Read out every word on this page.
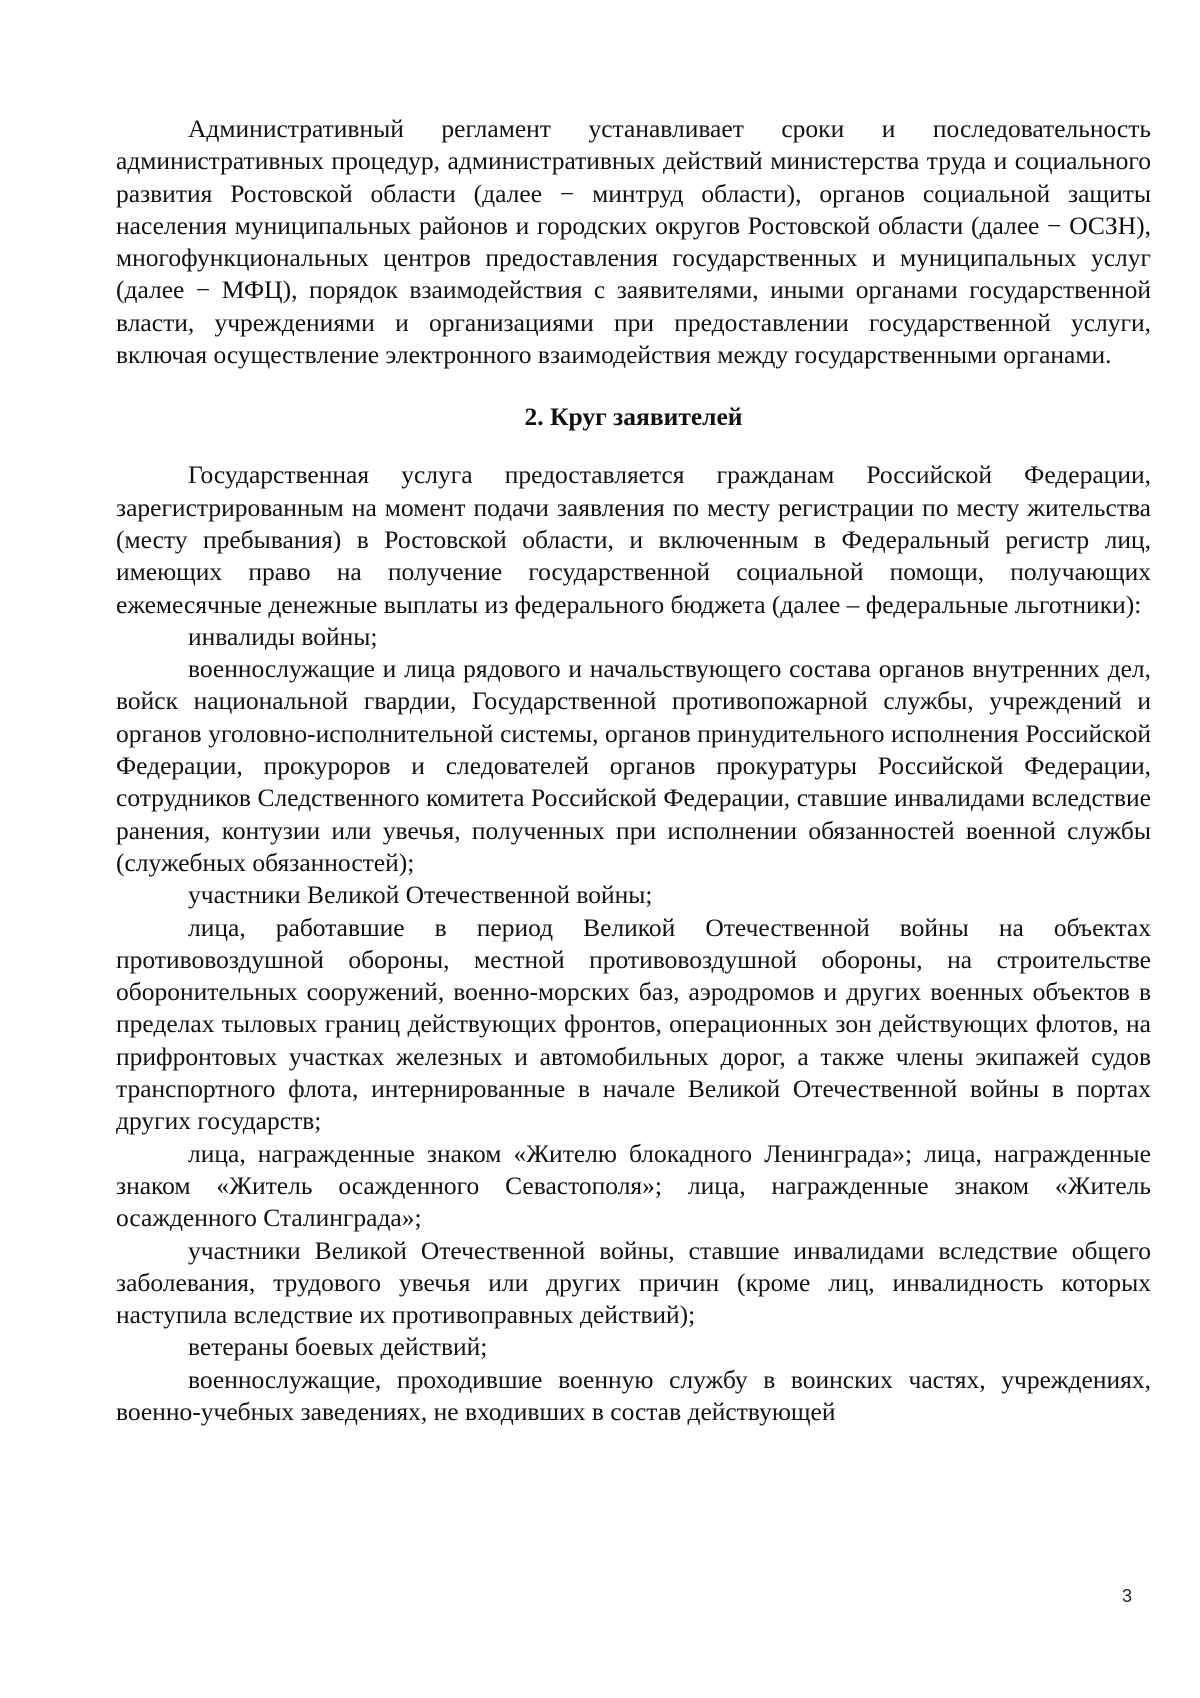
Административный регламент устанавливает сроки и последовательность административных процедур, административных действий министерства труда и социального развития Ростовской области (далее − минтруд области), органов социальной защиты населения муниципальных районов и городских округов Ростовской области (далее − ОСЗН), многофункциональных центров предоставления государственных и муниципальных услуг (далее − МФЦ), порядок взаимодействия с заявителями, иными органами государственной власти, учреждениями и организациями при предоставлении государственной услуги, включая осуществление электронного взаимодействия между государственными органами.

2. Круг заявителей

Государственная услуга предоставляется гражданам Российской Федерации, зарегистрированным на момент подачи заявления по месту регистрации по месту жительства (месту пребывания) в Ростовской области, и включенным в Федеральный регистр лиц, имеющих право на получение государственной социальной помощи, получающих ежемесячные денежные выплаты из федерального бюджета (далее – федеральные льготники):

инвалиды войны;

военнослужащие и лица рядового и начальствующего состава органов внутренних дел, войск национальной гвардии, Государственной противопожарной службы, учреждений и органов уголовно-исполнительной системы, органов принудительного исполнения Российской Федерации, прокуроров и следователей органов прокуратуры Российской Федерации, сотрудников Следственного комитета Российской Федерации, ставшие инвалидами вследствие ранения, контузии или увечья, полученных при исполнении обязанностей военной службы (служебных обязанностей);

участники Великой Отечественной войны;

лица, работавшие в период Великой Отечественной войны на объектах противовоздушной обороны, местной противовоздушной обороны, на строительстве оборонительных сооружений, военно-морских баз, аэродромов и других военных объектов в пределах тыловых границ действующих фронтов, операционных зон действующих флотов, на прифронтовых участках железных и автомобильных дорог, а также члены экипажей судов транспортного флота, интернированные в начале Великой Отечественной войны в портах других государств;

лица, награжденные знаком «Жителю блокадного Ленинграда»; лица, награжденные знаком «Житель осажденного Севастополя»; лица, награжденные знаком «Житель осажденного Сталинграда»;

участники Великой Отечественной войны, ставшие инвалидами вследствие общего заболевания, трудового увечья или других причин (кроме лиц, инвалидность которых наступила вследствие их противоправных действий);

ветераны боевых действий;

военнослужащие, проходившие военную службу в воинских частях, учреждениях, военно-учебных заведениях, не входивших в состав действующей

3
